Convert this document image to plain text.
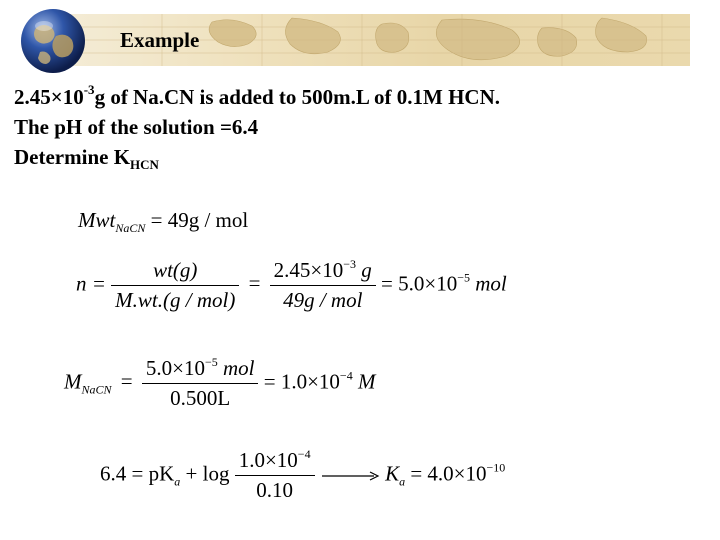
Example
$2.45\times 10^{-3}g$ of Na.CN is added to 500m.L of 0.1M HCN.
The pH of the solution =6.4
Determine $K_{HCN}$
Mwt$_{NaCN}$ = 49g / mol
$n = \frac{wt(g)}{\text{M.wt.(g / mol)}} = \frac{2.45\times 10^{-3} g}{\text{49g / mol}} = 5.0\times 10^{-5}$ mol
$M_{NaCN} = \frac{5.0\times 10^{-5} mol}{0.500L} = 1.0\times 10^{-4}$ M
$6.4 = pK_a + \log \frac{1.0\times 10^{-4}}{0.10}$
	$K_a = 4.0\times 10^{-10}$
